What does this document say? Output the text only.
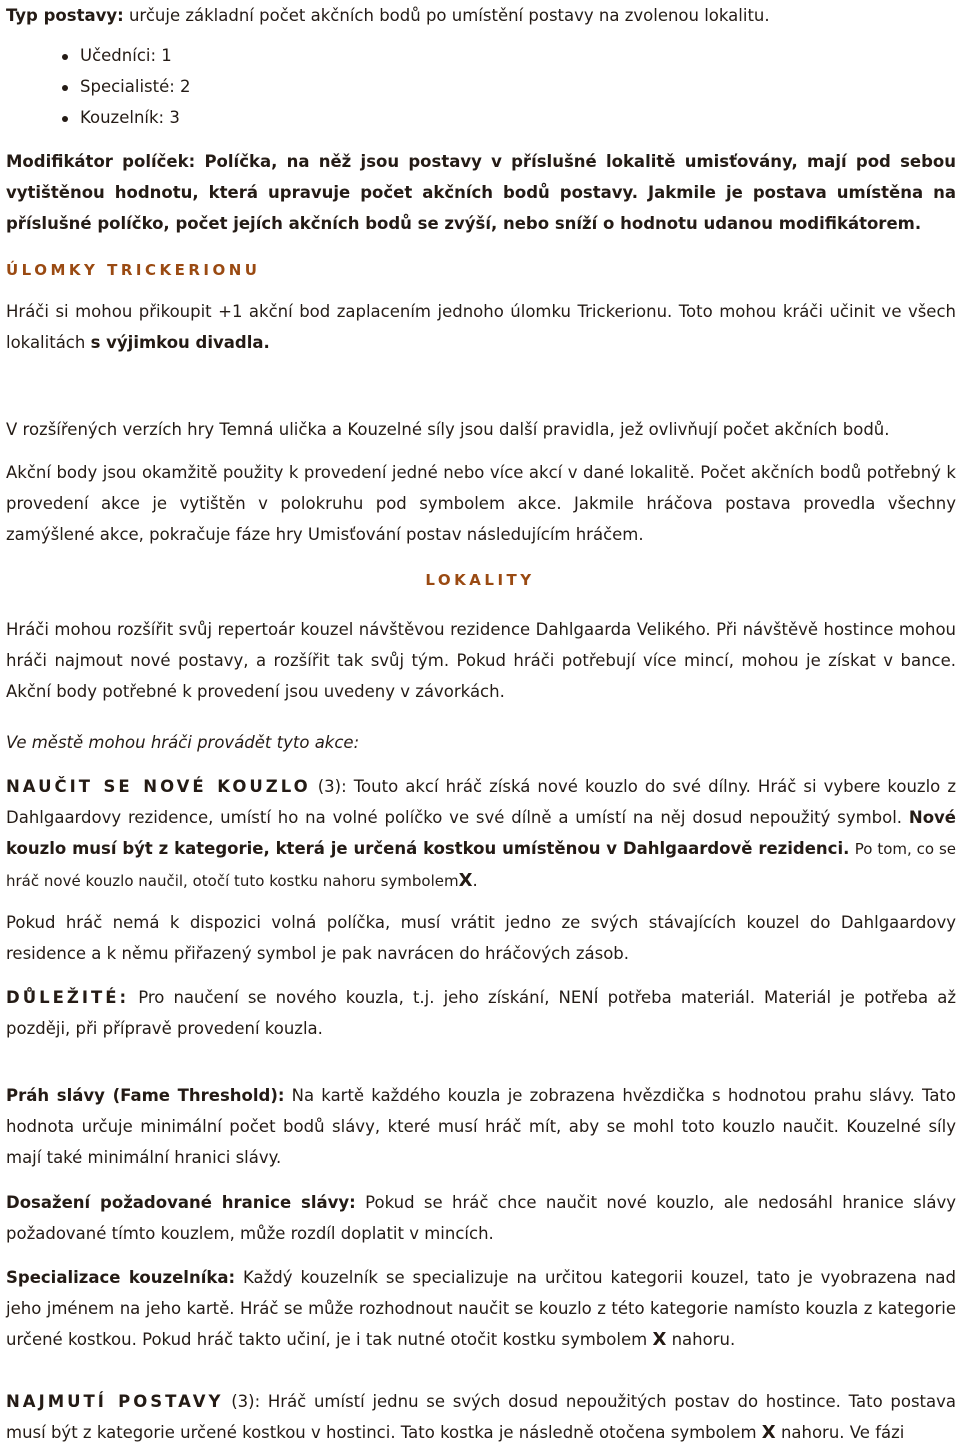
Typ postavy: určuje základní počet akčních bodů po umístění postavy na zvolenou lokalitu.

Učedníci: 1
Specialisté: 2
Kouzelník: 3

Modifikátor políček: Políčka, na něž jsou postavy v příslušné lokalitě umisťovány, mají pod sebou vytištěnou hodnotu, která upravuje počet akčních bodů postavy. Jakmile je postava umístěna na příslušné políčko, počet jejích akčních bodů se zvýší, nebo sníží o hodnotu udanou modifikátorem.

ÚLOMKY TRICKERIONU

Hráči si mohou přikoupit +1 akční bod zaplacením jednoho úlomku Trickerionu. Toto mohou kráči učinit ve všech lokalitách s výjimkou divadla.

V rozšířených verzích hry Temná ulička a Kouzelné síly jsou další pravidla, jež ovlivňují počet akčních bodů.

Akční body jsou okamžitě použity k provedení jedné nebo více akcí v dané lokalitě. Počet akčních bodů potřebný k provedení akce je vytištěn v polokruhu pod symbolem akce. Jakmile hráčova postava provedla všechny zamýšlené akce, pokračuje fáze hry Umisťování postav následujícím hráčem.

LOKALITY

Hráči mohou rozšířit svůj repertoár kouzel návštěvou rezidence Dahlgaarda Velikého. Při návštěvě hostince mohou hráči najmout nové postavy, a rozšířit tak svůj tým. Pokud hráči potřebují více mincí, mohou je získat v bance. Akční body potřebné k provedení jsou uvedeny v závorkách.

Ve městě mohou hráči provádět tyto akce:

NAUČIT SE NOVÉ KOUZLO (3): Touto akcí hráč získá nové kouzlo do své dílny. Hráč si vybere kouzlo z Dahlgaardovy rezidence, umístí ho na volné políčko ve své dílně a umístí na něj dosud nepoužitý symbol. Nové kouzlo musí být z kategorie, která je určená kostkou umístěnou v Dahlgaardově rezidenci. Po tom, co se hráč nové kouzlo naučil, otočí tuto kostku nahoru symbolemX.

Pokud hráč nemá k dispozici volná políčka, musí vrátit jedno ze svých stávajících kouzel do Dahlgaardovy residence a k němu přiřazený symbol je pak navrácen do hráčových zásob.

DŮLEŽITÉ: Pro naučení se nového kouzla, t.j. jeho získání, NENÍ potřeba materiál. Materiál je potřeba až později, při přípravě provedení kouzla.

Práh slávy (Fame Threshold): Na kartě každého kouzla je zobrazena hvězdička s hodnotou prahu slávy. Tato hodnota určuje minimální počet bodů slávy, které musí hráč mít, aby se mohl toto kouzlo naučit. Kouzelné síly mají také minimální hranici slávy.

Dosažení požadované hranice slávy: Pokud se hráč chce naučit nové kouzlo, ale nedosáhl hranice slávy požadované tímto kouzlem, může rozdíl doplatit v mincích.

Specializace kouzelníka: Každý kouzelník se specializuje na určitou kategorii kouzel, tato je vyobrazena nad jeho jménem na jeho kartě. Hráč se může rozhodnout naučit se kouzlo z této kategorie namísto kouzla z kategorie určené kostkou. Pokud hráč takto učiní, je i tak nutné otočit kostku symbolem X nahoru.

NAJMUTÍ POSTAVY (3): Hráč umístí jednu se svých dosud nepoužitých postav do hostince. Tato postava musí být z kategorie určené kostkou v hostinci. Tato kostka je následně otočena symbolem X nahoru. Ve fázi
